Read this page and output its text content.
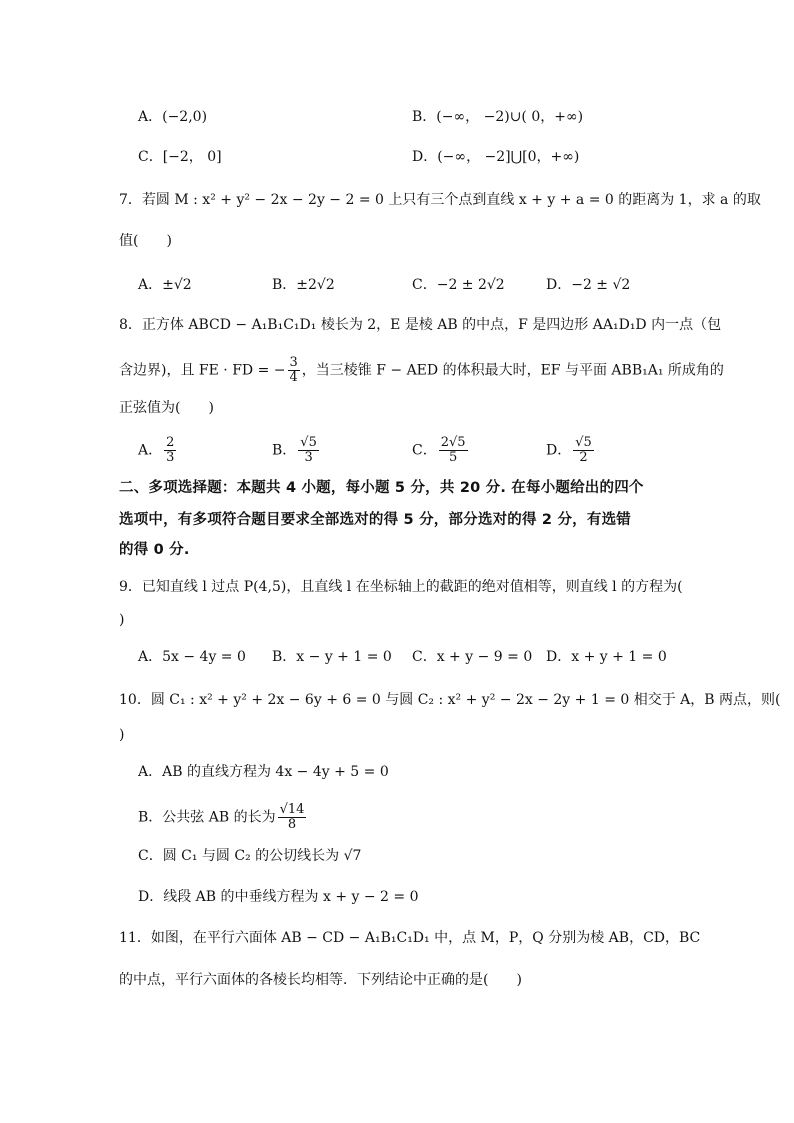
A．(−2,0)	B．(−∞， −2)∪( 0，+∞)
C．[−2， 0]	D．(−∞， −2]⋃[0，+∞)
7．若圆 M : x² + y² − 2x − 2y − 2 = 0 上只有三个点到直线 x + y + a = 0 的距离为 1，求 a 的取
值(　　)
A．±√2	B．±2√2	C．−2 ± 2√2	D．−2 ± √2
8．正方体 ABCD − A₁B₁C₁D₁ 棱长为 2，E 是棱 AB 的中点，F 是四边形 AA₁D₁D 内一点（包
含边界)，且 FE · FD = − $\frac{3}{4}$ ，当三棱锥 F − AED 的体积最大时，EF 与平面 ABB₁A₁ 所成角的
正弦值为(　　)
A． $\frac{2}{3}$	B． $\frac{√5}{3}$	C． $\frac{2√5}{5}$	D． $\frac{√5}{2}$
二、多项选择题：本题共 4 小题，每小题 5 分，共 20 分. 在每小题给出的四个
选项中，有多项符合题目要求全部选对的得 5 分，部分选对的得 2 分，有选错
的得 0 分.
9．已知直线 l 过点 P(4,5)，且直线 l 在坐标轴上的截距的绝对值相等，则直线 l 的方程为(
)
A．5x − 4y = 0 B．x − y + 1 = 0 C．x + y − 9 = 0 D．x + y + 1 = 0
10．圆 C₁ : x² + y² + 2x − 6y + 6 = 0 与圆 C₂ : x² + y² − 2x − 2y + 1 = 0 相交于 A，B 两点，则(
)
A．AB 的直线方程为 4x − 4y + 5 = 0
B．公共弦 AB 的长为 $\frac{√14}{8}$
C．圆 C₁ 与圆 C₂ 的公切线长为 √7
D．线段 AB 的中垂线方程为 x + y − 2 = 0
11．如图，在平行六面体 AB − CD − A₁B₁C₁D₁ 中，点 M，P，Q 分别为棱 AB，CD，BC
的中点，平行六面体的各棱长均相等．下列结论中正确的是(　　)
